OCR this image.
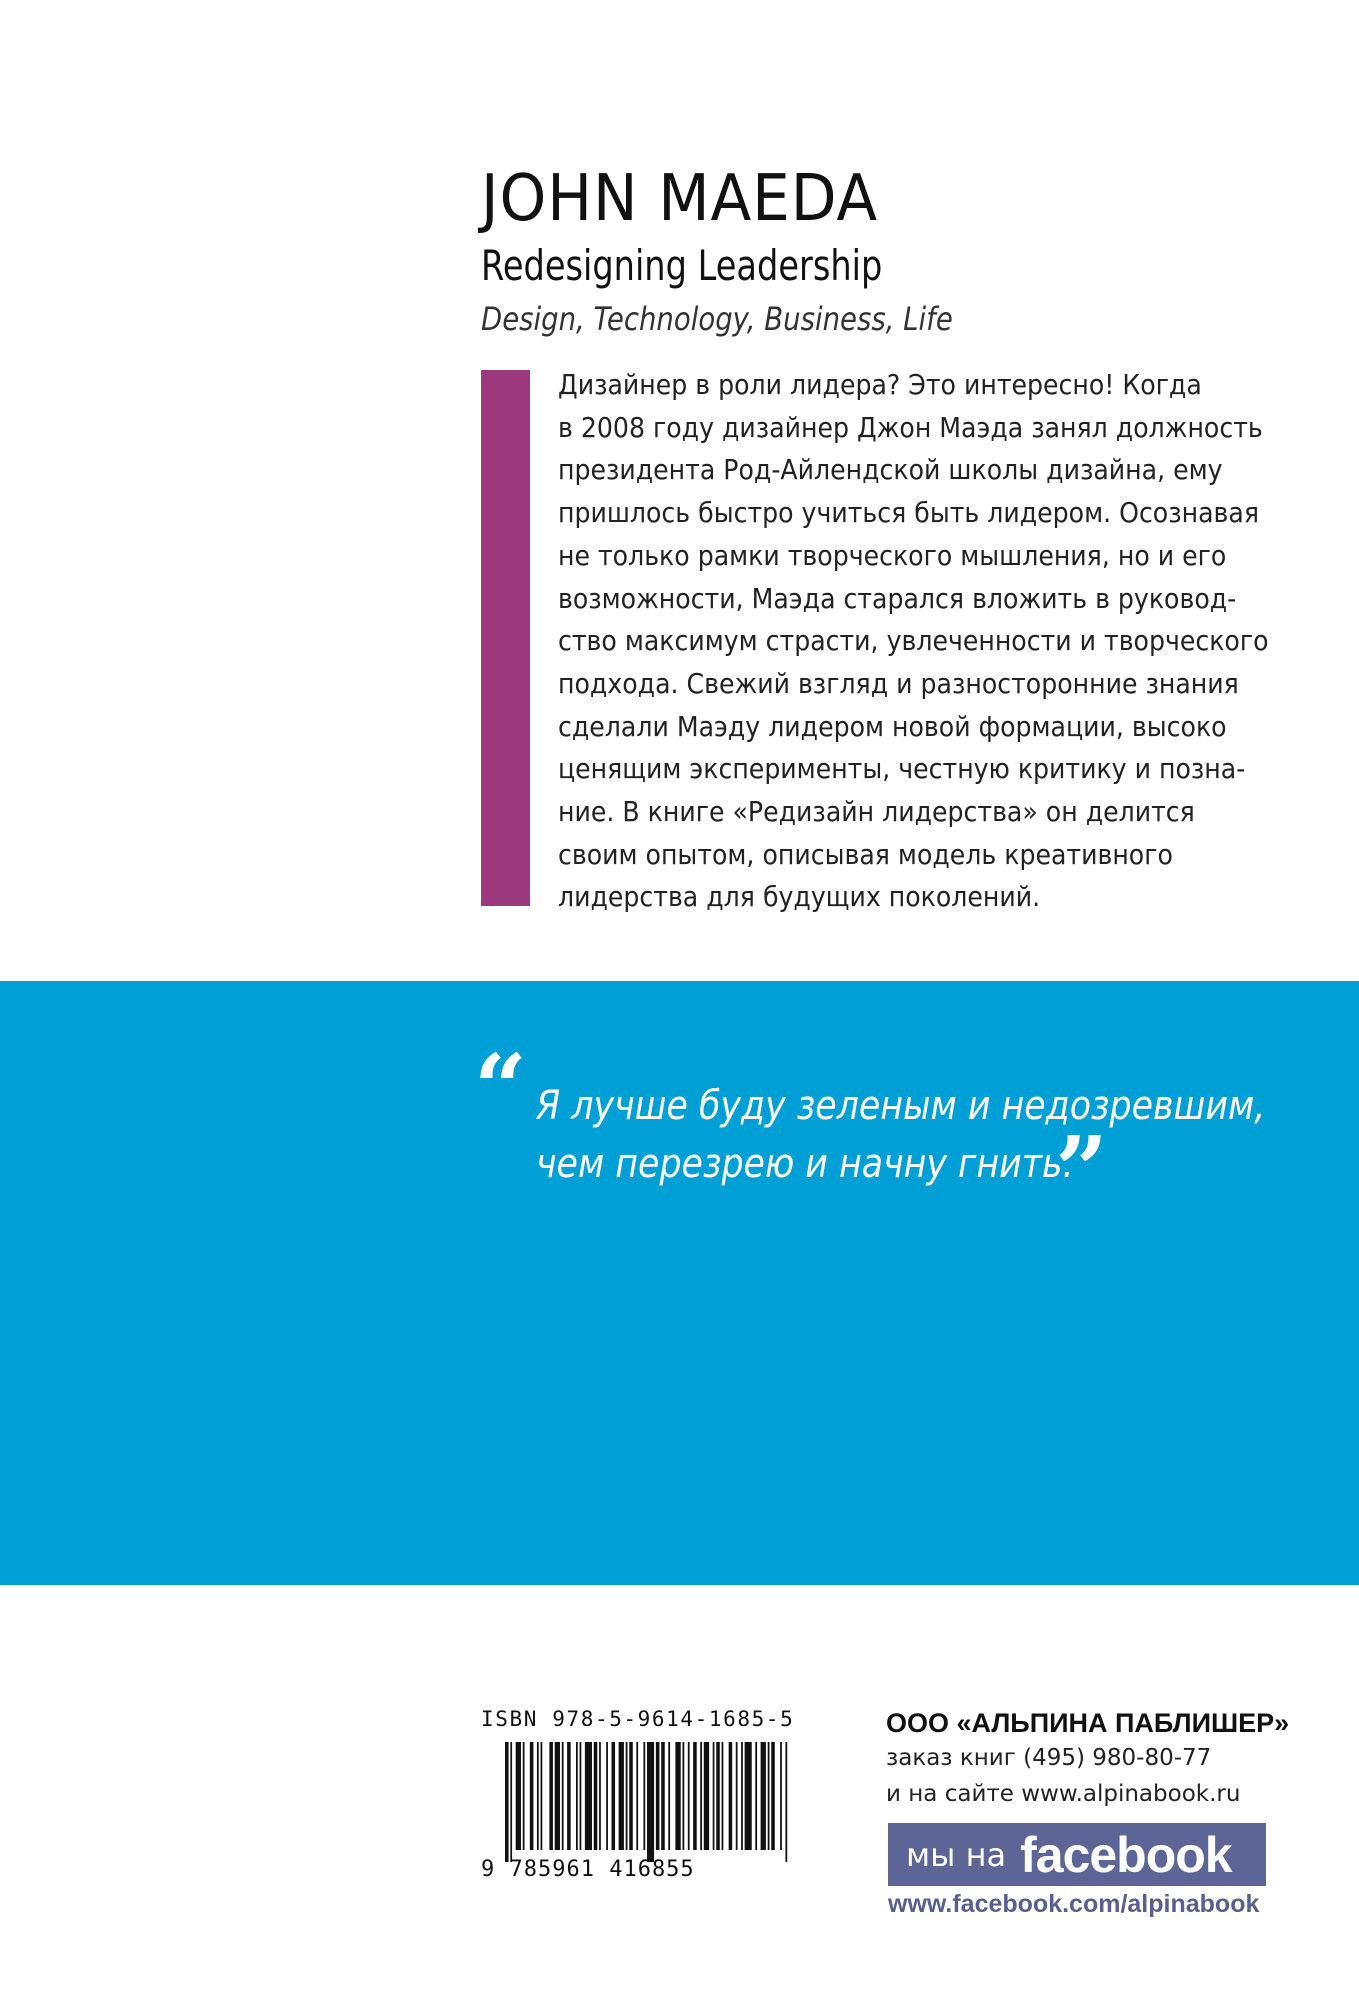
JOHN MAEDA
Redesigning Leadership

Design, Technology, Business, Life

Дизайнер в роли лидера? Это интересно! Когда
в 2008 году дизайнер Джон Маэда занял должность
президента Род-Айлендской школы дизайна, ему
пришлось быстро учиться быть лидером. Осознавая
не только рамки творческого мышления, но и его
возможности, Маэда старался вложить в руковод-
ство максимум страсти, увлеченности и творческого
подхода. Свежий взгляд и разносторонние знания
сделали Маэду лидером новой формации, высоко
ценящим эксперименты, честную критику и позна-
ние. В книге «Редизайн лидерства» он делится
своим опытом, описывая модель креативного
лидерства для будущих поколений.
“ Я лучше буду зеленым и недозревшим,
чем перезрею и начну гнить.
”
ISBN 978-5-9614-1685-5
9 785961 416855

ООО «АЛЬПИНА ПАБЛИШЕР»

заказ книг (495) 980-80-77

и на сайте www.alpinabook.ru

мы на facebook
www.facebook.com/alpinabook
